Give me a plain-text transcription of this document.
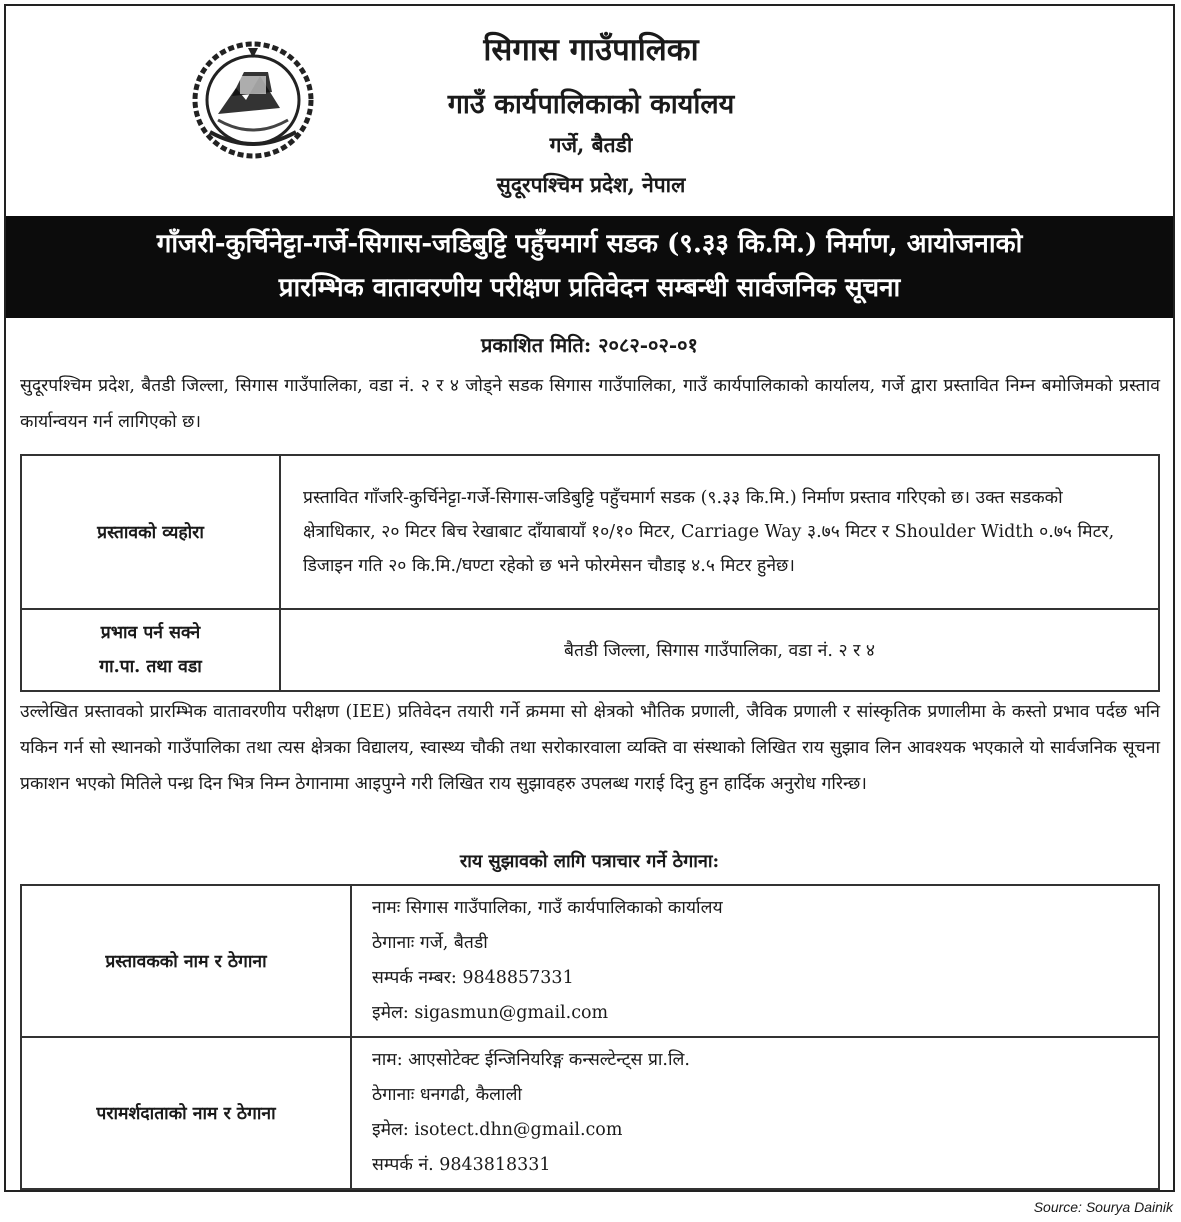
सिगास गाउँपालिका
गाउँ कार्यपालिकाको कार्यालय
गर्जे, बैतडी
सुदूरपश्चिम प्रदेश, नेपाल
गाँजरी-कुर्चिनेट्टा-गर्जे-सिगास-जडिबुट्टि पहुँचमार्ग सडक (९.३३ कि.मि.) निर्माण, आयोजनाको
प्रारम्भिक वातावरणीय परीक्षण प्रतिवेदन सम्बन्धी सार्वजनिक सूचना
प्रकाशित मिति: २०८२-०२-०१
सुदूरपश्चिम प्रदेश, बैतडी जिल्ला, सिगास गाउँपालिका, वडा नं. २ र ४ जोड्ने सडक सिगास गाउँपालिका, गाउँ कार्यपालिकाको कार्यालय, गर्जे द्वारा प्रस्तावित निम्न बमोजिमको प्रस्ताव कार्यान्वयन गर्न लागिएको छ।
प्रस्तावको व्यहोरा	प्रस्तावित गाँजरि-कुर्चिनेट्टा-गर्जे-सिगास-जडिबुट्टि पहुँचमार्ग सडक (९.३३ कि.मि.) निर्माण प्रस्ताव गरिएको छ। उक्त सडकको क्षेत्राधिकार, २० मिटर बिच रेखाबाट दाँयाबायाँ १०/१० मिटर, Carriage Way ३.७५ मिटर र Shoulder Width ०.७५ मिटर, डिजाइन गति २० कि.मि./घण्टा रहेको छ भने फोरमेसन चौडाइ ४.५ मिटर हुनेछ।

प्रभाव पर्न सक्ने
गा.पा. तथा वडा	बैतडी जिल्ला, सिगास गाउँपालिका, वडा नं. २ र ४
उल्लेखित प्रस्तावको प्रारम्भिक वातावरणीय परीक्षण (IEE) प्रतिवेदन तयारी गर्ने क्रममा सो क्षेत्रको भौतिक प्रणाली, जैविक प्रणाली र सांस्कृतिक प्रणालीमा के कस्तो प्रभाव पर्दछ भनि यकिन गर्न सो स्थानको गाउँपालिका तथा त्यस क्षेत्रका विद्यालय, स्वास्थ्य चौकी तथा सरोकारवाला व्यक्ति वा संस्थाको लिखित राय सुझाव लिन आवश्यक भएकाले यो सार्वजनिक सूचना प्रकाशन भएको मितिले पन्ध्र दिन भित्र निम्न ठेगानामा आइपुग्ने गरी लिखित राय सुझावहरु उपलब्ध गराई दिनु हुन हार्दिक अनुरोध गरिन्छ।
राय सुझावको लागि पत्राचार गर्ने ठेगाना:
प्रस्तावकको नाम र ठेगाना	नामः सिगास गाउँपालिका, गाउँ कार्यपालिकाको कार्यालय
ठेगानाः गर्जे, बैतडी
सम्पर्क नम्बर: 9848857331
इमेल: sigasmun@gmail.com

परामर्शदाताको नाम र ठेगाना	नाम: आएसोटेक्ट ईन्जिनियरिङ्ग कन्सल्टेन्ट्स प्रा.लि.
ठेगानाः धनगढी, कैलाली
इमेल: isotect.dhn@gmail.com
सम्पर्क नं. 9843818331
Source: Sourya Dainik
